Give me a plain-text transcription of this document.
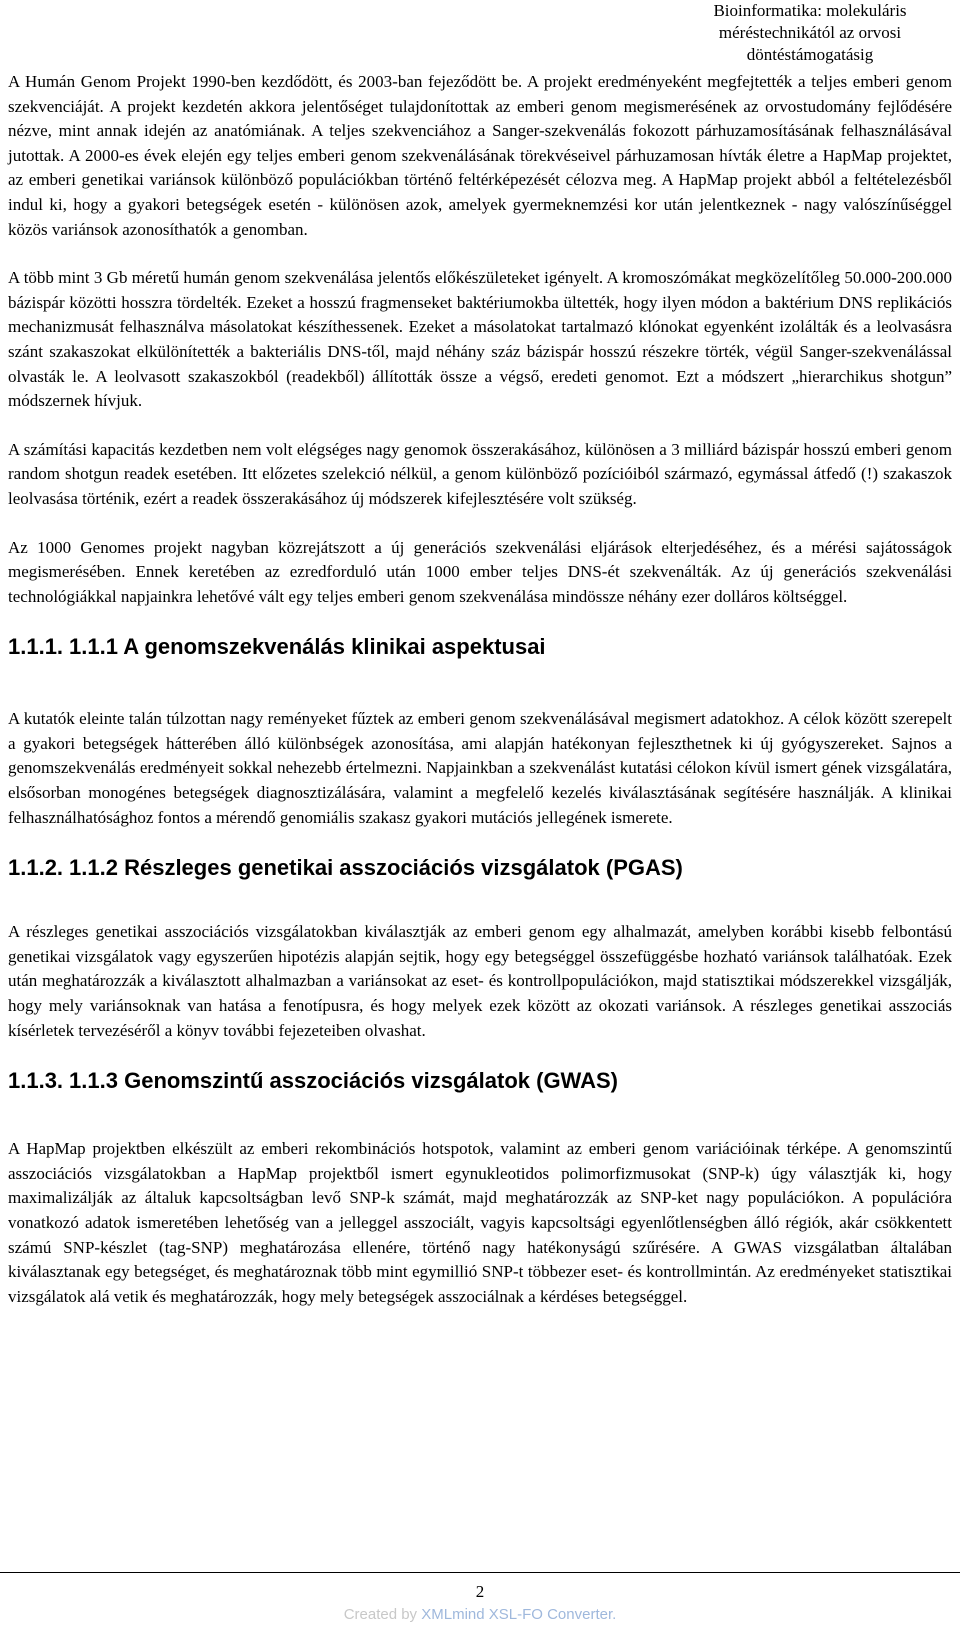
Bioinformatika: molekuláris
méréstechnikától az orvosi
döntéstámogatásig

A Humán Genom Projekt 1990-ben kezdődött, és 2003-ban fejeződött be. A projekt eredményeként megfejtették a teljes emberi genom szekvenciáját. A projekt kezdetén akkora jelentőséget tulajdonítottak az emberi genom megismerésének az orvostudomány fejlődésére nézve, mint annak idején az anatómiának. A teljes szekvenciához a Sanger-szekvenálás fokozott párhuzamosításának felhasználásával jutottak. A 2000-es évek elején egy teljes emberi genom szekvenálásának törekvéseivel párhuzamosan hívták életre a HapMap projektet, az emberi genetikai variánsok különböző populációkban történő feltérképezését célozva meg. A HapMap projekt abból a feltételezésből indul ki, hogy a gyakori betegségek esetén - különösen azok, amelyek gyermeknemzési kor után jelentkeznek - nagy valószínűséggel közös variánsok azonosíthatók a genomban.

A több mint 3 Gb méretű humán genom szekvenálása jelentős előkészületeket igényelt. A kromoszómákat megközelítőleg 50.000-200.000 bázispár közötti hosszra tördelték. Ezeket a hosszú fragmenseket baktériumokba ültették, hogy ilyen módon a baktérium DNS replikációs mechanizmusát felhasználva másolatokat készíthessenek. Ezeket a másolatokat tartalmazó klónokat egyenként izolálták és a leolvasásra szánt szakaszokat elkülönítették a bakteriális DNS-től, majd néhány száz bázispár hosszú részekre törték, végül Sanger-szekvenálással olvasták le. A leolvasott szakaszokból (readekből) állították össze a végső, eredeti genomot. Ezt a módszert „hierarchikus shotgun” módszernek hívjuk.

A számítási kapacitás kezdetben nem volt elégséges nagy genomok összerakásához, különösen a 3 milliárd bázispár hosszú emberi genom random shotgun readek esetében. Itt előzetes szelekció nélkül, a genom különböző pozícióiból származó, egymással átfedő (!) szakaszok leolvasása történik, ezért a readek összerakásához új módszerek kifejlesztésére volt szükség.

Az 1000 Genomes projekt nagyban közrejátszott a új generációs szekvenálási eljárások elterjedéséhez, és a mérési sajátosságok megismerésében. Ennek keretében az ezredforduló után 1000 ember teljes DNS-ét szekvenálták. Az új generációs szekvenálási technológiákkal napjainkra lehetővé vált egy teljes emberi genom szekvenálása mindössze néhány ezer dolláros költséggel.

1.1.1. 1.1.1 A genomszekvenálás klinikai aspektusai

A kutatók eleinte talán túlzottan nagy reményeket fűztek az emberi genom szekvenálásával megismert adatokhoz. A célok között szerepelt a gyakori betegségek hátterében álló különbségek azonosítása, ami alapján hatékonyan fejleszthetnek ki új gyógyszereket. Sajnos a genomszekvenálás eredményeit sokkal nehezebb értelmezni. Napjainkban a szekvenálást kutatási célokon kívül ismert gének vizsgálatára, elsősorban monogénes betegségek diagnosztizálására, valamint a megfelelő kezelés kiválasztásának segítésére használják. A klinikai felhasználhatósághoz fontos a mérendő genomiális szakasz gyakori mutációs jellegének ismerete.

1.1.2. 1.1.2 Részleges genetikai asszociációs vizsgálatok (PGAS)

A részleges genetikai asszociációs vizsgálatokban kiválasztják az emberi genom egy alhalmazát, amelyben korábbi kisebb felbontású genetikai vizsgálatok vagy egyszerűen hipotézis alapján sejtik, hogy egy betegséggel összefüggésbe hozható variánsok találhatóak. Ezek után meghatározzák a kiválasztott alhalmazban a variánsokat az eset- és kontrollpopulációkon, majd statisztikai módszerekkel vizsgálják, hogy mely variánsoknak van hatása a fenotípusra, és hogy melyek ezek között az okozati variánsok. A részleges genetikai asszociás kísérletek tervezéséről a könyv további fejezeteiben olvashat.

1.1.3. 1.1.3 Genomszintű asszociációs vizsgálatok (GWAS)

A HapMap projektben elkészült az emberi rekombinációs hotspotok, valamint az emberi genom variációinak térképe. A genomszintű asszociációs vizsgálatokban a HapMap projektből ismert egynukleotidos polimorfizmusokat (SNP-k) úgy választják ki, hogy maximalizálják az általuk kapcsoltságban levő SNP-k számát, majd meghatározzák az SNP-ket nagy populációkon. A populációra vonatkozó adatok ismeretében lehetőség van a jelleggel asszociált, vagyis kapcsoltsági egyenlőtlenségben álló régiók, akár csökkentett számú SNP-készlet (tag-SNP) meghatározása ellenére, történő nagy hatékonyságú szűrésére. A GWAS vizsgálatban általában kiválasztanak egy betegséget, és meghatároznak több mint egymillió SNP-t többezer eset- és kontrollmintán. Az eredményeket statisztikai vizsgálatok alá vetik és meghatározzák, hogy mely betegségek asszociálnak a kérdéses betegséggel.

2
Created by XMLmind XSL-FO Converter.
